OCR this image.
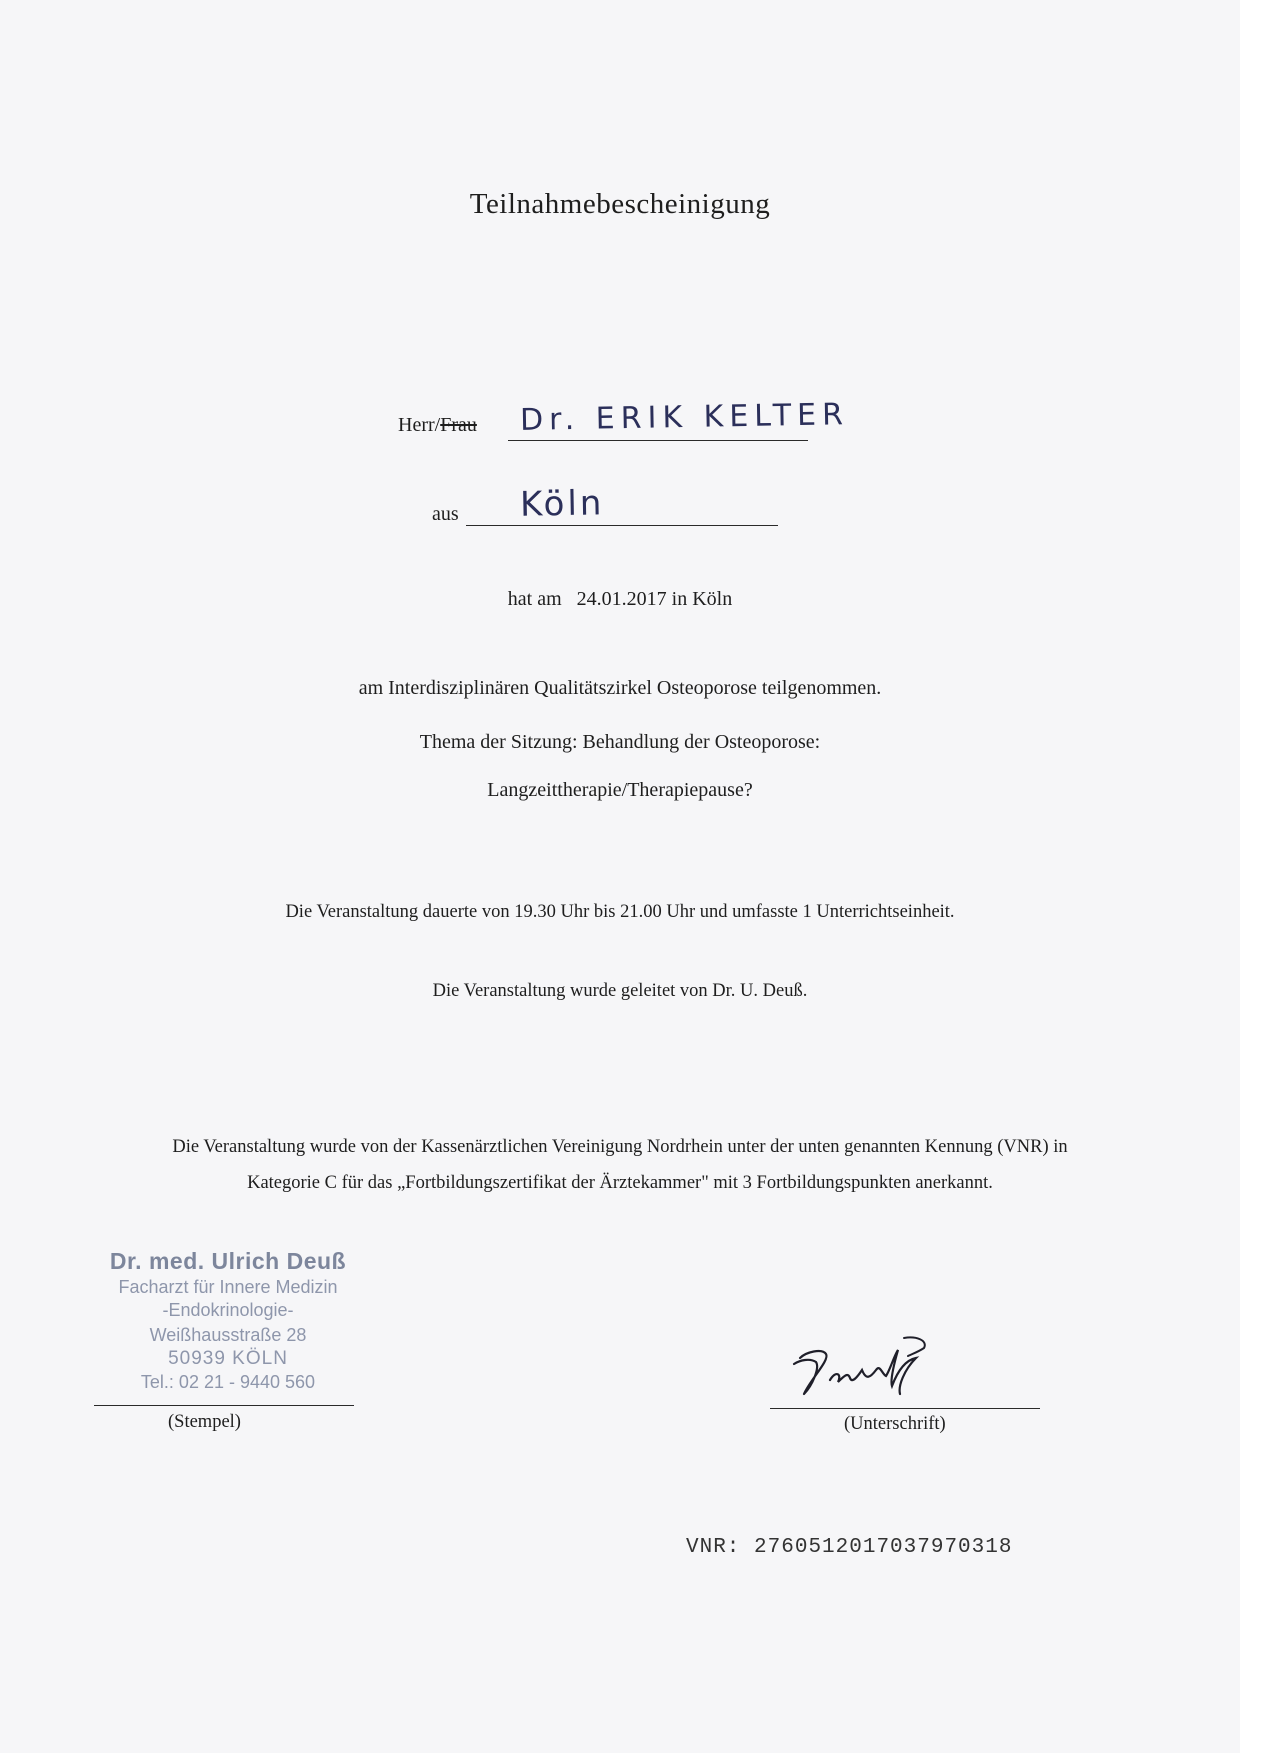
Teilnahmebescheinigung
Herr/Frau Dr. ERIK KELTER
aus Köln
hat am 24.01.2017 in Köln
am Interdisziplinären Qualitätszirkel Osteoporose teilgenommen.
Thema der Sitzung: Behandlung der Osteoporose:
Langzeittherapie/Therapiepause?
Die Veranstaltung dauerte von 19.30 Uhr bis 21.00 Uhr und umfasste 1 Unterrichtseinheit.
Die Veranstaltung wurde geleitet von Dr. U. Deuß.
Die Veranstaltung wurde von der Kassenärztlichen Vereinigung Nordrhein unter der unten genannten Kennung (VNR) in
Kategorie C für das „Fortbildungszertifikat der Ärztekammer" mit 3 Fortbildungspunkten anerkannt.
Dr. med. Ulrich Deuß
Facharzt für Innere Medizin
-Endokrinologie-
Weißhausstraße 28
50939 KÖLN
Tel.: 02 21 - 9440 560
(Stempel)	(Unterschrift)
VNR: 2760512017037970318
